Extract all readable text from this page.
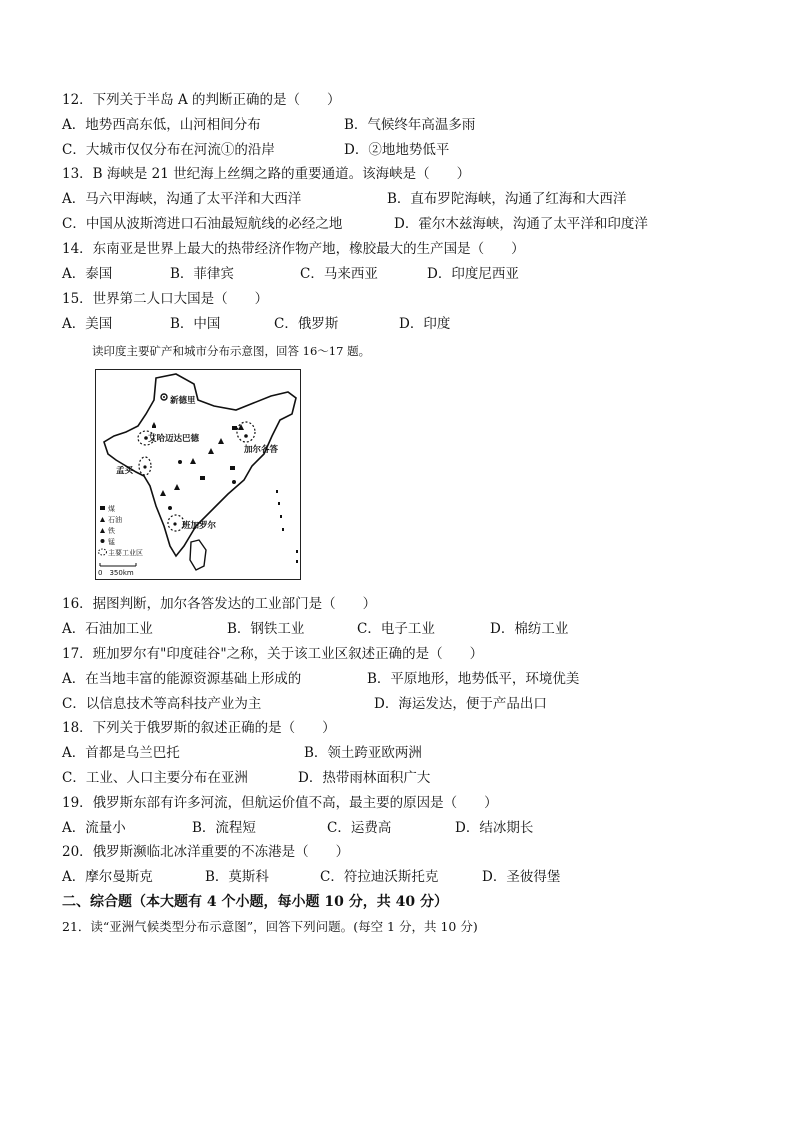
12．下列关于半岛 A 的判断正确的是（　　）
A．地势西高东低，山河相间分布	B．气候终年高温多雨
C．大城市仅仅分布在河流①的沿岸	D．②地地势低平
13．B 海峡是 21 世纪海上丝绸之路的重要通道。该海峡是（　　）
A．马六甲海峡，沟通了太平洋和大西洋	B．直布罗陀海峡，沟通了红海和大西洋
C．中国从波斯湾进口石油最短航线的必经之地	D．霍尔木兹海峡，沟通了太平洋和印度洋
14．东南亚是世界上最大的热带经济作物产地，橡胶最大的生产国是（　　）
A．泰国	B．菲律宾	C．马来西亚	D．印度尼西亚
15．世界第二人口大国是（　　）
A．美国	B．中国	C．俄罗斯	D．印度
读印度主要矿产和城市分布示意图，回答 16～17 题。
新德里
艾哈迈达巴德
加尔各答
孟买
班加罗尔
煤
石油
铁
锰
主要工业区
0　350km
16．据图判断，加尔各答发达的工业部门是（　　）
A．石油加工业	B．钢铁工业	C．电子工业	D．棉纺工业
17．班加罗尔有"印度硅谷"之称，关于该工业区叙述正确的是（　　）
A．在当地丰富的能源资源基础上形成的	B．平原地形，地势低平，环境优美
C．以信息技术等高科技产业为主	D．海运发达，便于产品出口
18．下列关于俄罗斯的叙述正确的是（　　）
A．首都是乌兰巴托	B．领土跨亚欧两洲
C．工业、人口主要分布在亚洲	D．热带雨林面积广大
19．俄罗斯东部有许多河流，但航运价值不高，最主要的原因是（　　）
A．流量小	B．流程短	C．运费高	D．结冰期长
20．俄罗斯濒临北冰洋重要的不冻港是（　　）
A．摩尔曼斯克	B．莫斯科	C．符拉迪沃斯托克	D．圣彼得堡
二、综合题（本大题有 4 个小题，每小题 10 分，共 40 分）
21．读“亚洲气候类型分布示意图”，回答下列问题。(每空 1 分，共 10 分)
